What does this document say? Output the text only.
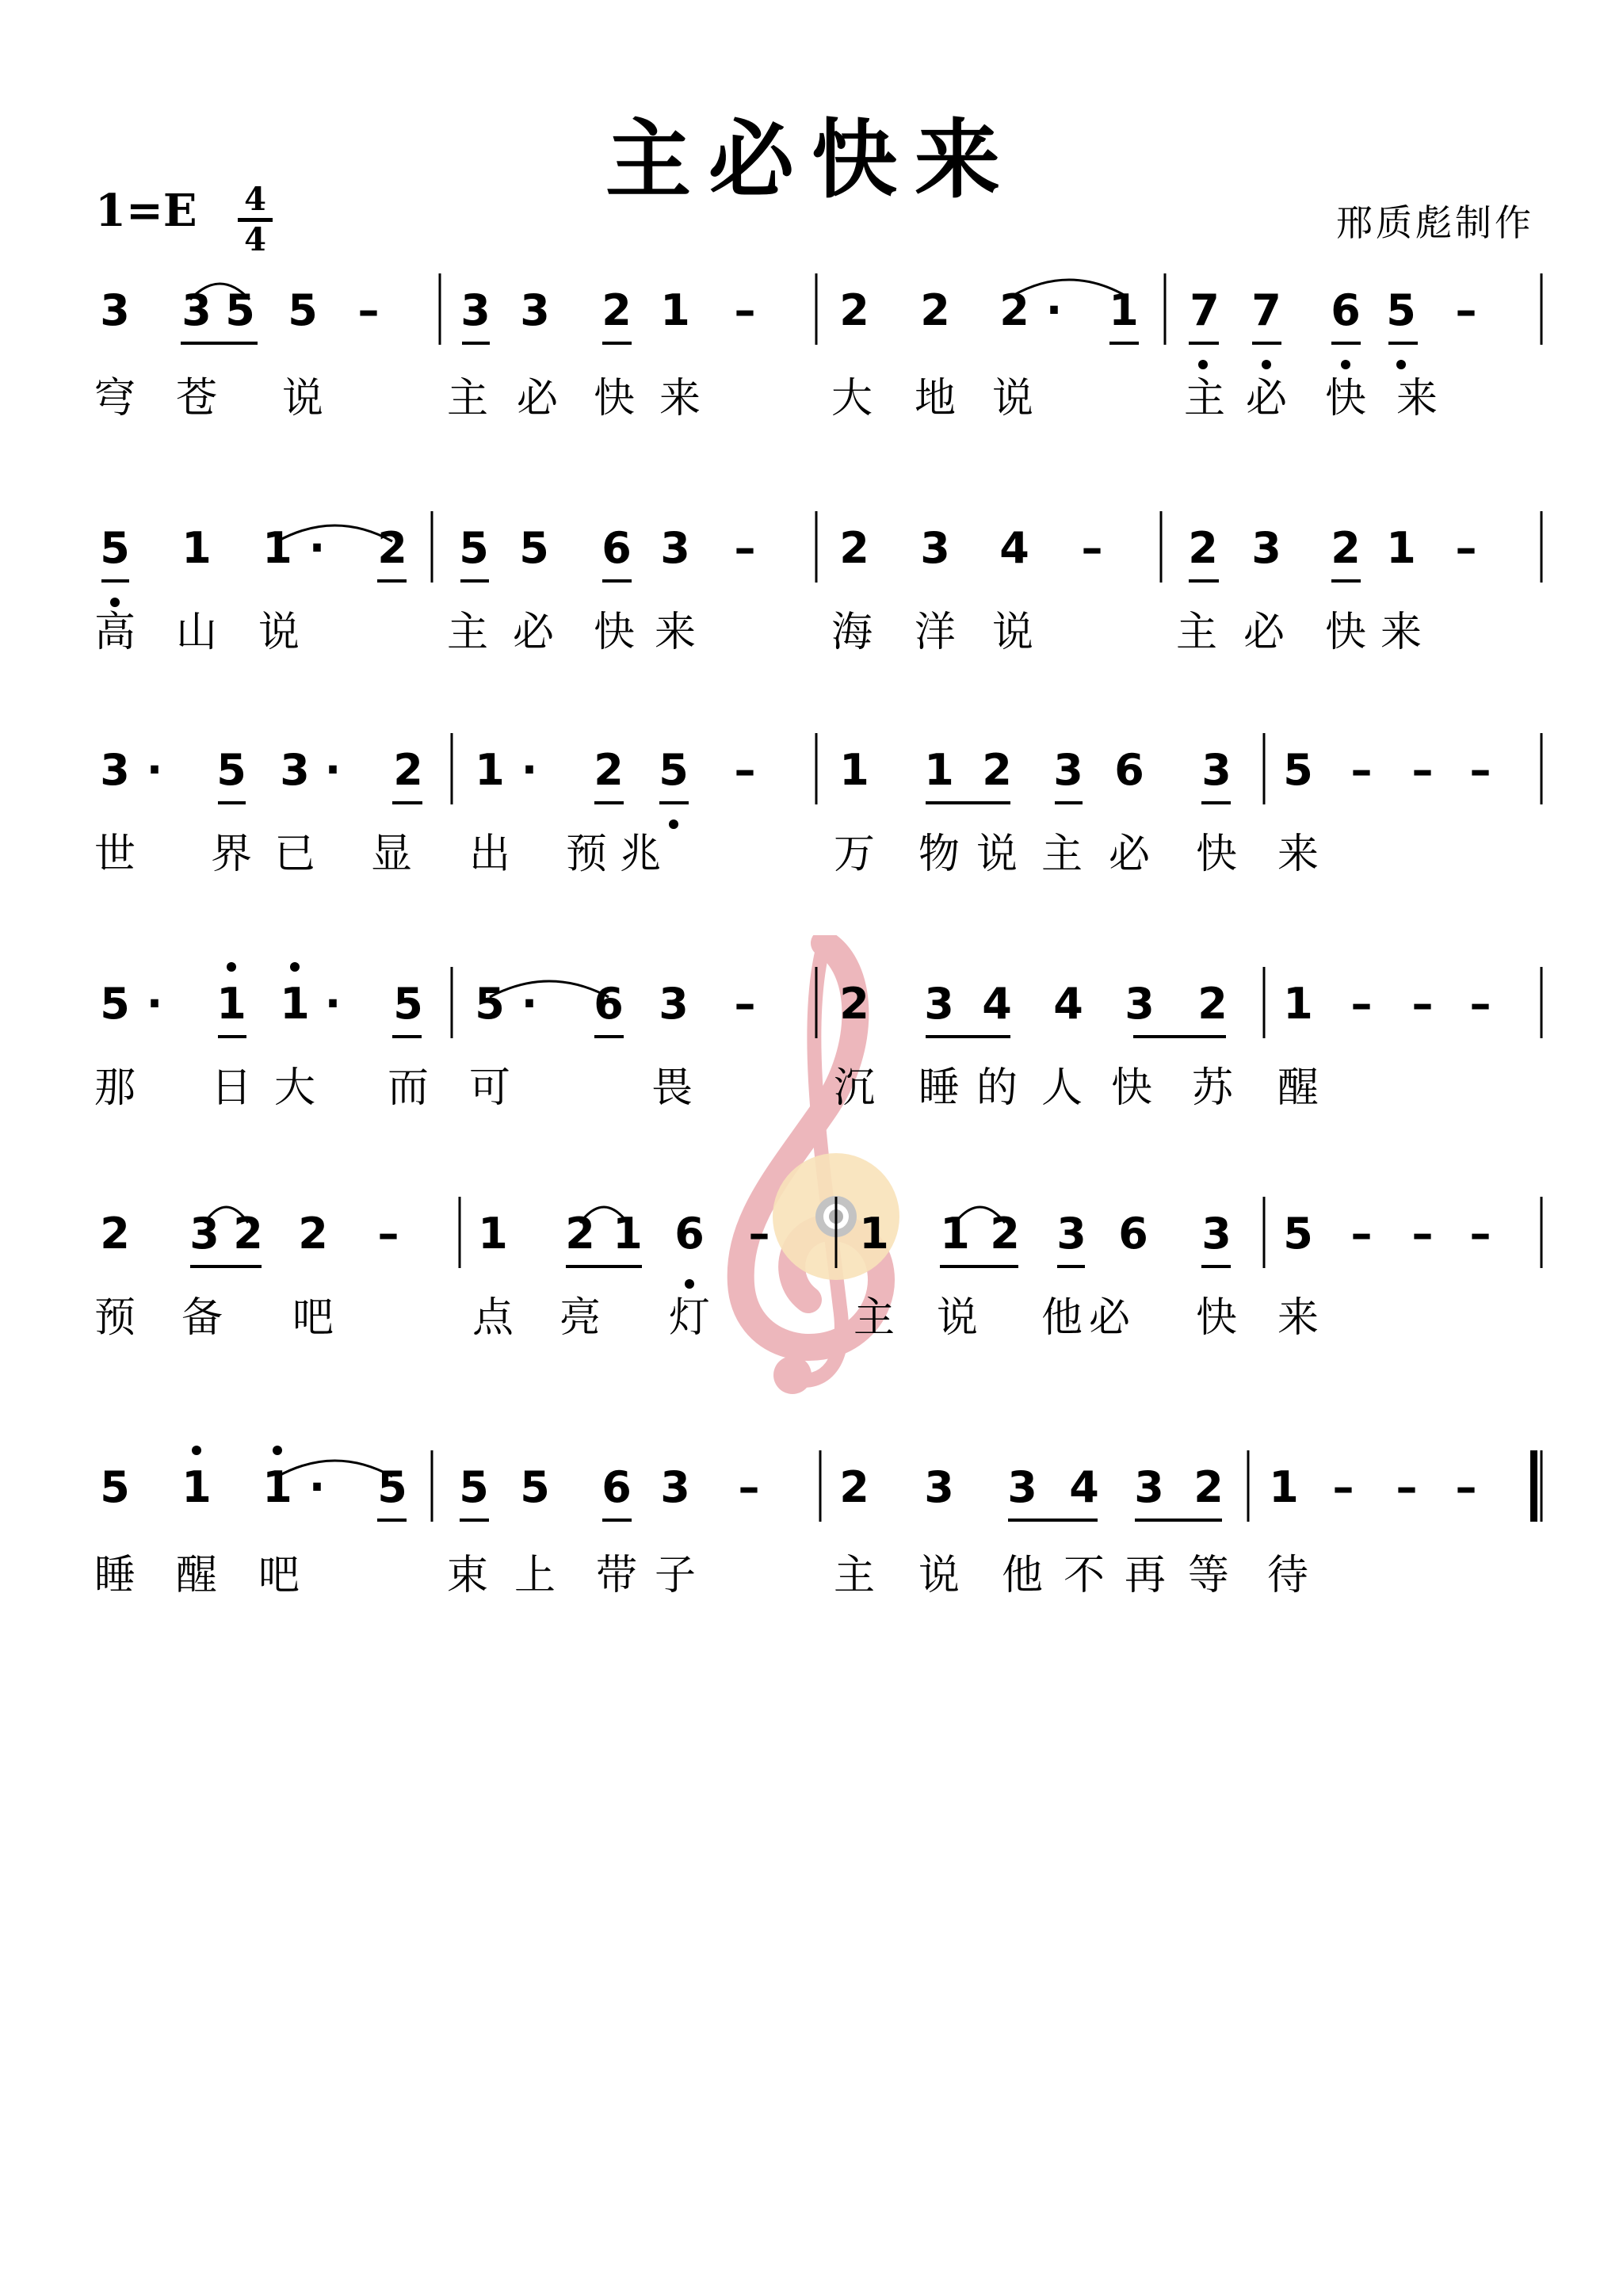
主必快来
1=E 4
4	邢质彪制作
3 3 5 5 –	3 3 2 1	–	2 2 2 ·	1 7 7 6 5 –
穹 苍 说	主 必 快 来	大 地 说	主 必 快 来
5 1 1 ·	2 5 5 6 3	–	2 3 4	–	2 3 2 1 –
高 山 说	主 必 快 来	海 洋 说	主 必 快 来
3 ·	5 3 ·	2 1 ·	2 5	–	1 1 2 3 6 3 5 – – –
世 界 已 显 出 预 兆	万 物 说 主 必 快 来
5 ·	1 1 ·	5 5 ·	6 3	–	2 3 4 4 3 2 1 – – –
那 日 大 而 可	畏	沉 睡 的 人 快 苏 醒
2 3 2 2	–	1 2 1 6	–	1 1 2 3 6 3 5 – – –
预 备 吧	点 亮 灯	主 说 他 必 快 来
5 1 1 ·	5 5 5 6 3	–	2 3 3 4 3 2 1 – – –
睡 醒 吧	束 上 带 子	主 说 他 不 再 等 待
